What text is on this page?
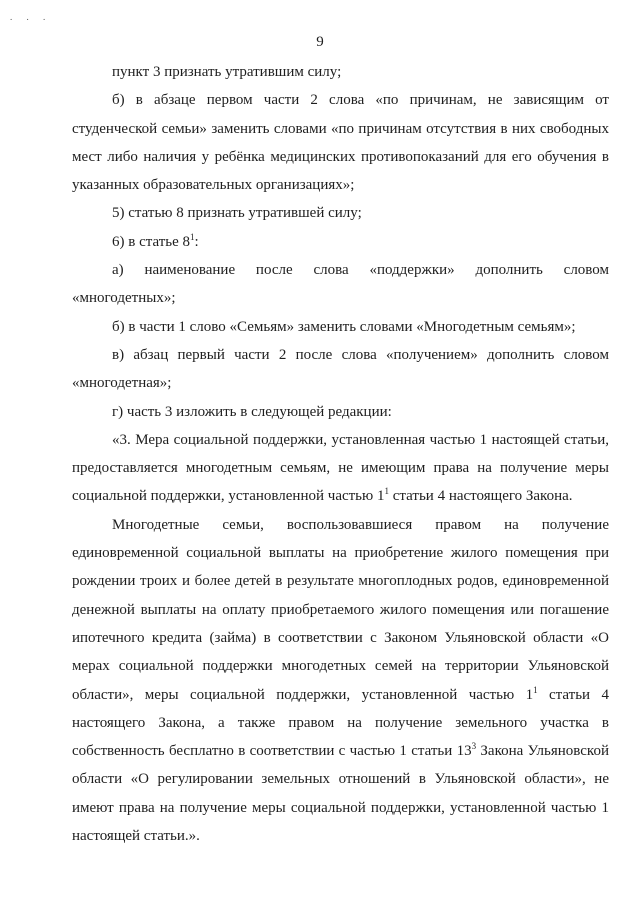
. . .
9

пункт 3 признать утратившим силу;

б) в абзаце первом части 2 слова «по причинам, не зависящим от студенческой семьи» заменить словами «по причинам отсутствия в них свободных мест либо наличия у ребёнка медицинских противопоказаний для его обучения в указанных образовательных организациях»;

5) статью 8 признать утратившей силу;

6) в статье $8^1$:

а) наименование после слова «поддержки» дополнить словом «многодетных»;

б) в части 1 слово «Семьям» заменить словами «Многодетным семьям»;

в) абзац первый части 2 после слова «получением» дополнить словом «многодетная»;

г) часть 3 изложить в следующей редакции:

«3. Мера социальной поддержки, установленная частью 1 настоящей статьи, предоставляется многодетным семьям, не имеющим права на получение меры социальной поддержки, установленной частью $1^1$ статьи 4 настоящего Закона.

Многодетные семьи, воспользовавшиеся правом на получение единовременной социальной выплаты на приобретение жилого помещения при рождении троих и более детей в результате многоплодных родов, единовременной денежной выплаты на оплату приобретаемого жилого помещения или погашение ипотечного кредита (займа) в соответствии с Законом Ульяновской области «О мерах социальной поддержки многодетных семей на территории Ульяновской области», меры социальной поддержки, установленной частью $1^1$ статьи 4 настоящего Закона, а также правом на получение земельного участка в собственность бесплатно в соответствии с частью 1 статьи $13^3$ Закона Ульяновской области «О регулировании земельных отношений в Ульяновской области», не имеют права на получение меры социальной поддержки, установленной частью 1 настоящей статьи.».
